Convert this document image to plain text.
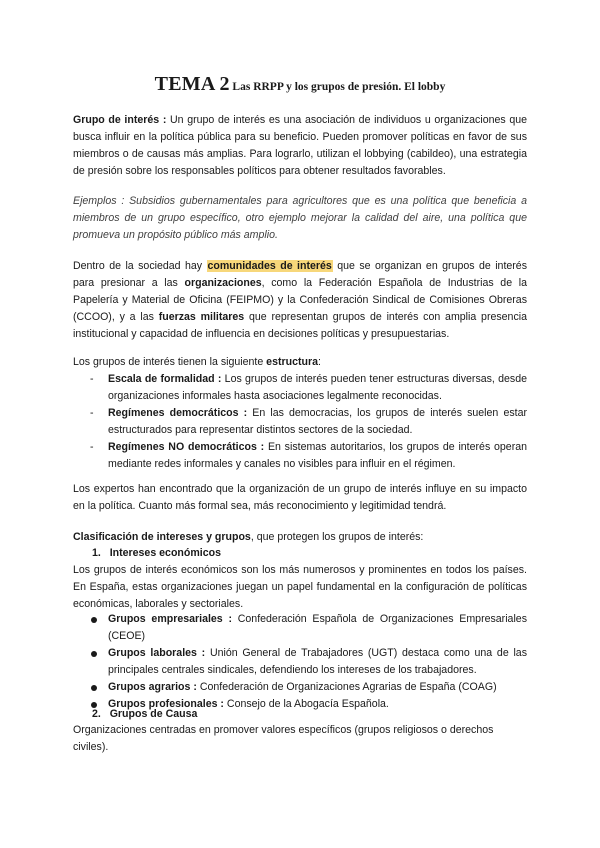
TEMA 2 Las RRPP y los grupos de presión. El lobby
Grupo de interés : Un grupo de interés es una asociación de individuos u organizaciones que busca influir en la política pública para su beneficio. Pueden promover políticas en favor de sus miembros o de causas más amplias. Para lograrlo, utilizan el lobbying (cabildeo), una estrategia de presión sobre los responsables políticos para obtener resultados favorables.
Ejemplos : Subsidios gubernamentales para agricultores que es una política que beneficia a miembros de un grupo específico, otro ejemplo mejorar la calidad del aire, una política que promueva un propósito público más amplio.
Dentro de la sociedad hay comunidades de interés que se organizan en grupos de interés para presionar a las organizaciones, como la Federación Española de Industrias de la Papelería y Material de Oficina (FEIPMO) y la Confederación Sindical de Comisiones Obreras (CCOO), y a las fuerzas militares que representan grupos de interés con amplia presencia institucional y capacidad de influencia en decisiones políticas y presupuestarias.
Los grupos de interés tienen la siguiente estructura:
- Escala de formalidad : Los grupos de interés pueden tener estructuras diversas, desde organizaciones informales hasta asociaciones legalmente reconocidas.
- Regímenes democráticos : En las democracias, los grupos de interés suelen estar estructurados para representar distintos sectores de la sociedad.
- Regímenes NO democráticos : En sistemas autoritarios, los grupos de interés operan mediante redes informales y canales no visibles para influir en el régimen.
Los expertos han encontrado que la organización de un grupo de interés influye en su impacto en la política. Cuanto más formal sea, más reconocimiento y legitimidad tendrá.
Clasificación de intereses y grupos, que protegen los grupos de interés:
1. Intereses económicos
Los grupos de interés económicos son los más numerosos y prominentes en todos los países. En España, estas organizaciones juegan un papel fundamental en la configuración de políticas económicas, laborales y sectoriales.
Grupos empresariales : Confederación Española de Organizaciones Empresariales (CEOE)
Grupos laborales : Unión General de Trabajadores (UGT) destaca como una de las principales centrales sindicales, defendiendo los intereses de los trabajadores.
Grupos agrarios : Confederación de Organizaciones Agrarias de España (COAG)
Grupos profesionales : Consejo de la Abogacía Española.
2. Grupos de Causa
Organizaciones centradas en promover valores específicos (grupos religiosos o derechos civiles).
